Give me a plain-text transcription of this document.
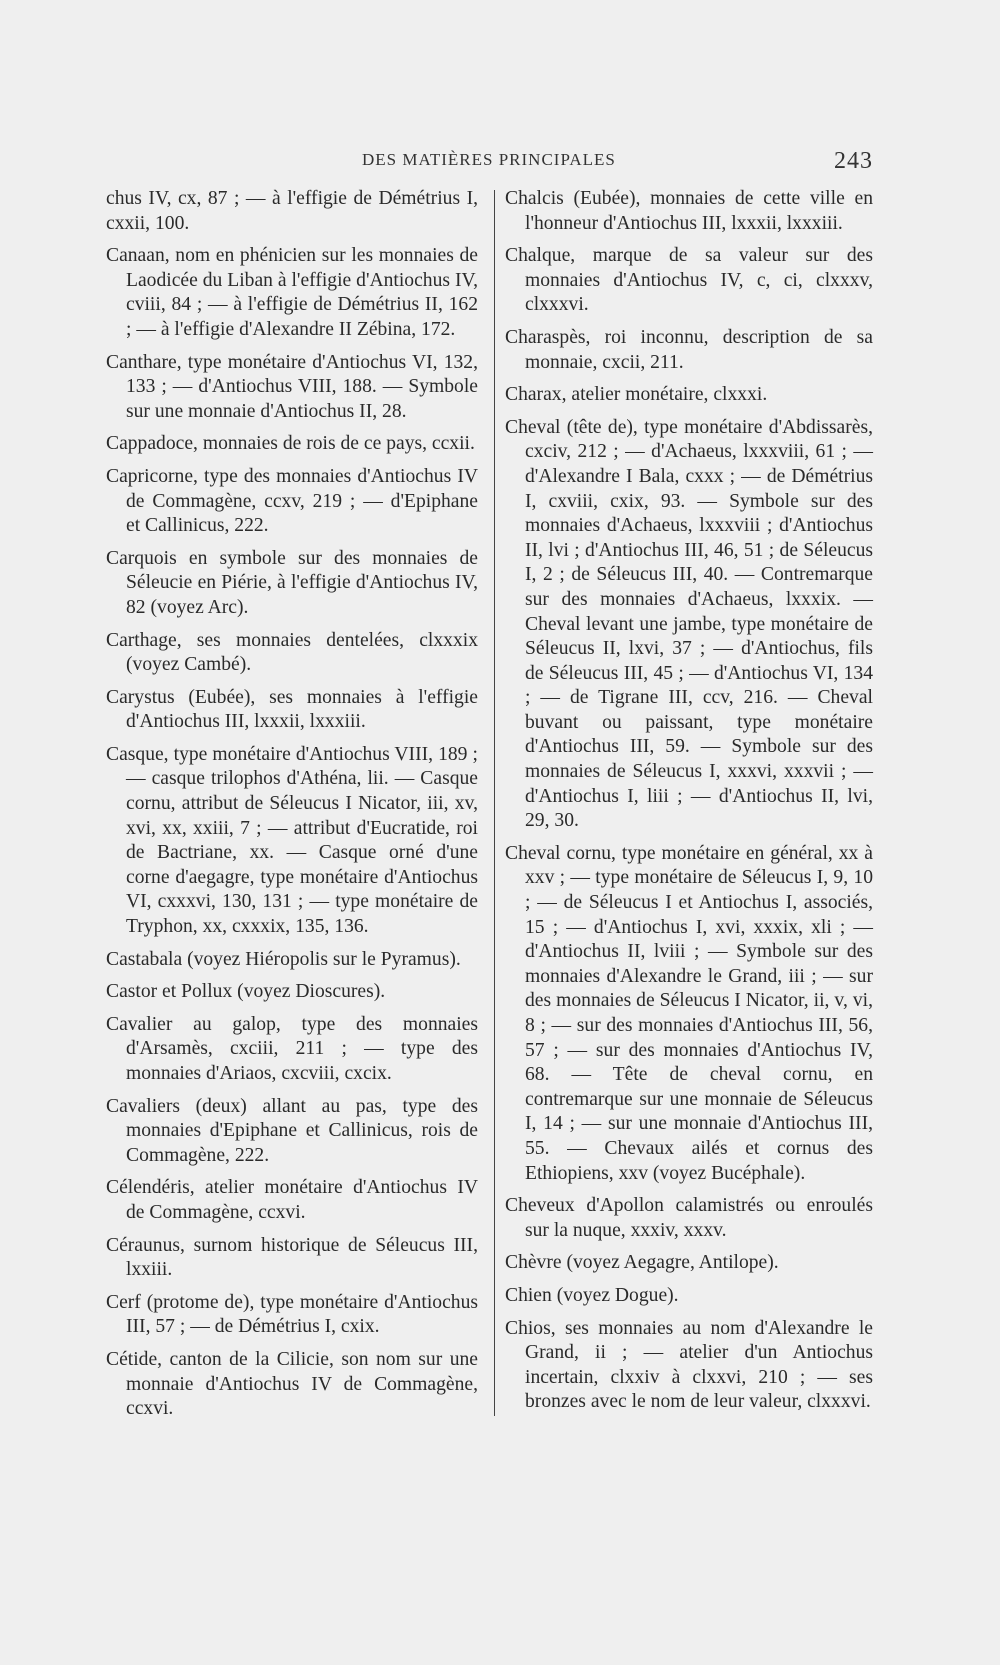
DES MATIÈRES PRINCIPALES	243

chus IV, cx, 87 ; — à l'effigie de Démétrius I, cxxii, 100.

Canaan, nom en phénicien sur les monnaies de Laodicée du Liban à l'effigie d'Antiochus IV, cviii, 84 ; — à l'effigie de Démétrius II, 162 ; — à l'effigie d'Alexandre II Zébina, 172.

Canthare, type monétaire d'Antiochus VI, 132, 133 ; — d'Antiochus VIII, 188. — Symbole sur une monnaie d'Antiochus II, 28.

Cappadoce, monnaies de rois de ce pays, ccxii.

Capricorne, type des monnaies d'Antiochus IV de Commagène, ccxv, 219 ; — d'Epiphane et Callinicus, 222.

Carquois en symbole sur des monnaies de Séleucie en Piérie, à l'effigie d'Antiochus IV, 82 (voyez Arc).

Carthage, ses monnaies dentelées, clxxxix (voyez Cambé).

Carystus (Eubée), ses monnaies à l'effigie d'Antiochus III, lxxxii, lxxxiii.

Casque, type monétaire d'Antiochus VIII, 189 ; — casque trilophos d'Athéna, lii. — Casque cornu, attribut de Séleucus I Nicator, iii, xv, xvi, xx, xxiii, 7 ; — attribut d'Eucratide, roi de Bactriane, xx. — Casque orné d'une corne d'aegagre, type monétaire d'Antiochus VI, cxxxvi, 130, 131 ; — type monétaire de Tryphon, xx, cxxxix, 135, 136.

Castabala (voyez Hiéropolis sur le Pyramus).

Castor et Pollux (voyez Dioscures).

Cavalier au galop, type des monnaies d'Arsamès, cxciii, 211 ; — type des monnaies d'Ariaos, cxcviii, cxcix.

Cavaliers (deux) allant au pas, type des monnaies d'Epiphane et Callinicus, rois de Commagène, 222.

Célendéris, atelier monétaire d'Antiochus IV de Commagène, ccxvi.

Céraunus, surnom historique de Séleucus III, lxxiii.

Cerf (protome de), type monétaire d'Antiochus III, 57 ; — de Démétrius I, cxix.

Cétide, canton de la Cilicie, son nom sur une monnaie d'Antiochus IV de Commagène, ccxvi.

Chalcis (Eubée), monnaies de cette ville en l'honneur d'Antiochus III, lxxxii, lxxxiii.

Chalque, marque de sa valeur sur des monnaies d'Antiochus IV, c, ci, clxxxv, clxxxvi.

Charaspès, roi inconnu, description de sa monnaie, cxcii, 211.

Charax, atelier monétaire, clxxxi.

Cheval (tête de), type monétaire d'Abdissarès, cxciv, 212 ; — d'Achaeus, lxxxviii, 61 ; — d'Alexandre I Bala, cxxx ; — de Démétrius I, cxviii, cxix, 93. — Symbole sur des monnaies d'Achaeus, lxxxviii ; d'Antiochus II, lvi ; d'Antiochus III, 46, 51 ; de Séleucus I, 2 ; de Séleucus III, 40. — Contremarque sur des monnaies d'Achaeus, lxxxix. — Cheval levant une jambe, type monétaire de Séleucus II, lxvi, 37 ; — d'Antiochus, fils de Séleucus III, 45 ; — d'Antiochus VI, 134 ; — de Tigrane III, ccv, 216. — Cheval buvant ou paissant, type monétaire d'Antiochus III, 59. — Symbole sur des monnaies de Séleucus I, xxxvi, xxxvii ; — d'Antiochus I, liii ; — d'Antiochus II, lvi, 29, 30.

Cheval cornu, type monétaire en général, xx à xxv ; — type monétaire de Séleucus I, 9, 10 ; — de Séleucus I et Antiochus I, associés, 15 ; — d'Antiochus I, xvi, xxxix, xli ; — d'Antiochus II, lviii ; — Symbole sur des monnaies d'Alexandre le Grand, iii ; — sur des monnaies de Séleucus I Nicator, ii, v, vi, 8 ; — sur des monnaies d'Antiochus III, 56, 57 ; — sur des monnaies d'Antiochus IV, 68. — Tête de cheval cornu, en contremarque sur une monnaie de Séleucus I, 14 ; — sur une monnaie d'Antiochus III, 55. — Chevaux ailés et cornus des Ethiopiens, xxv (voyez Bucéphale).

Cheveux d'Apollon calamistrés ou enroulés sur la nuque, xxxiv, xxxv.

Chèvre (voyez Aegagre, Antilope).

Chien (voyez Dogue).

Chios, ses monnaies au nom d'Alexandre le Grand, ii ; — atelier d'un Antiochus incertain, clxxiv à clxxvi, 210 ; — ses bronzes avec le nom de leur valeur, clxxxvi.
